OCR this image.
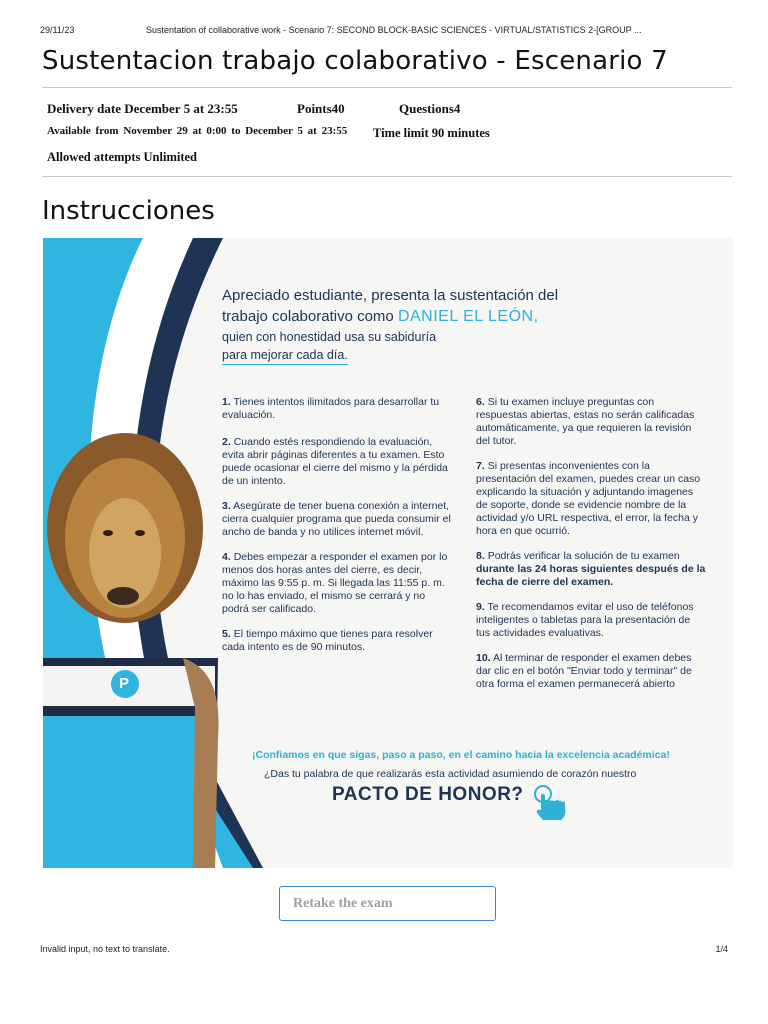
29/11/23	Sustentation of collaborative work - Scenario 7: SECOND BLOCK-BASIC SCIENCES - VIRTUAL/STATISTICS 2-[GROUP ...
Sustentacion trabajo colaborativo - Escenario 7
Delivery date December 5 at 23:55	Points40	Questions4
Available from November 29 at 0:00 to December 5 at 23:55 Time limit 90 minutes
Allowed attempts Unlimited
Instrucciones
P
Apreciado estudiante, presenta la sustentación del
trabajo colaborativo como DANIEL EL LEÓN,
quien con honestidad usa su sabiduría
para mejorar cada día.

1. Tienes intentos ilimitados para desarrollar tu evaluación.

2. Cuando estés respondiendo la evaluación, evita abrir páginas diferentes a tu examen. Esto puede ocasionar el cierre del mismo y la pérdida de un intento.

3. Asegúrate de tener buena conexión a internet, cierra cualquier programa que pueda consumir el ancho de banda y no utilices internet móvil.

4. Debes empezar a responder el examen por lo menos dos horas antes del cierre, es decir, máximo las 9:55 p. m. Si llegada las 11:55 p. m. no lo has enviado, el mismo se cerrará y no podrá ser calificado.

5. El tiempo máximo que tienes para resolver cada intento es de 90 minutos.

6. Si tu examen incluye preguntas con respuestas abiertas, estas no serán calificadas automáticamente, ya que requieren la revisión del tutor.

7. Si presentas inconvenientes con la presentación del examen, puedes crear un caso explicando la situación y adjuntando imagenes de soporte, donde se evidencie nombre de la actividad y/o URL respectiva, el error, la fecha y hora en que ocurrió.

8. Podrás verificar la solución de tu examen durante las 24 horas siguientes después de la fecha de cierre del examen.

9. Te recomendamos evitar el uso de teléfonos inteligentes o tabletas para la presentación de tus actividades evaluativas.

10. Al terminar de responder el examen debes dar clic en el botón "Enviar todo y terminar" de otra forma el examen permanecerá abierto

¡Confiamos en que sigas, paso a paso, en el camino hacia la excelencia académica!
¿Das tu palabra de que realizarás esta actividad asumiendo de corazón nuestro
PACTO DE HONOR?
Retake the exam
Invalid input, no text to translate.	1/4
